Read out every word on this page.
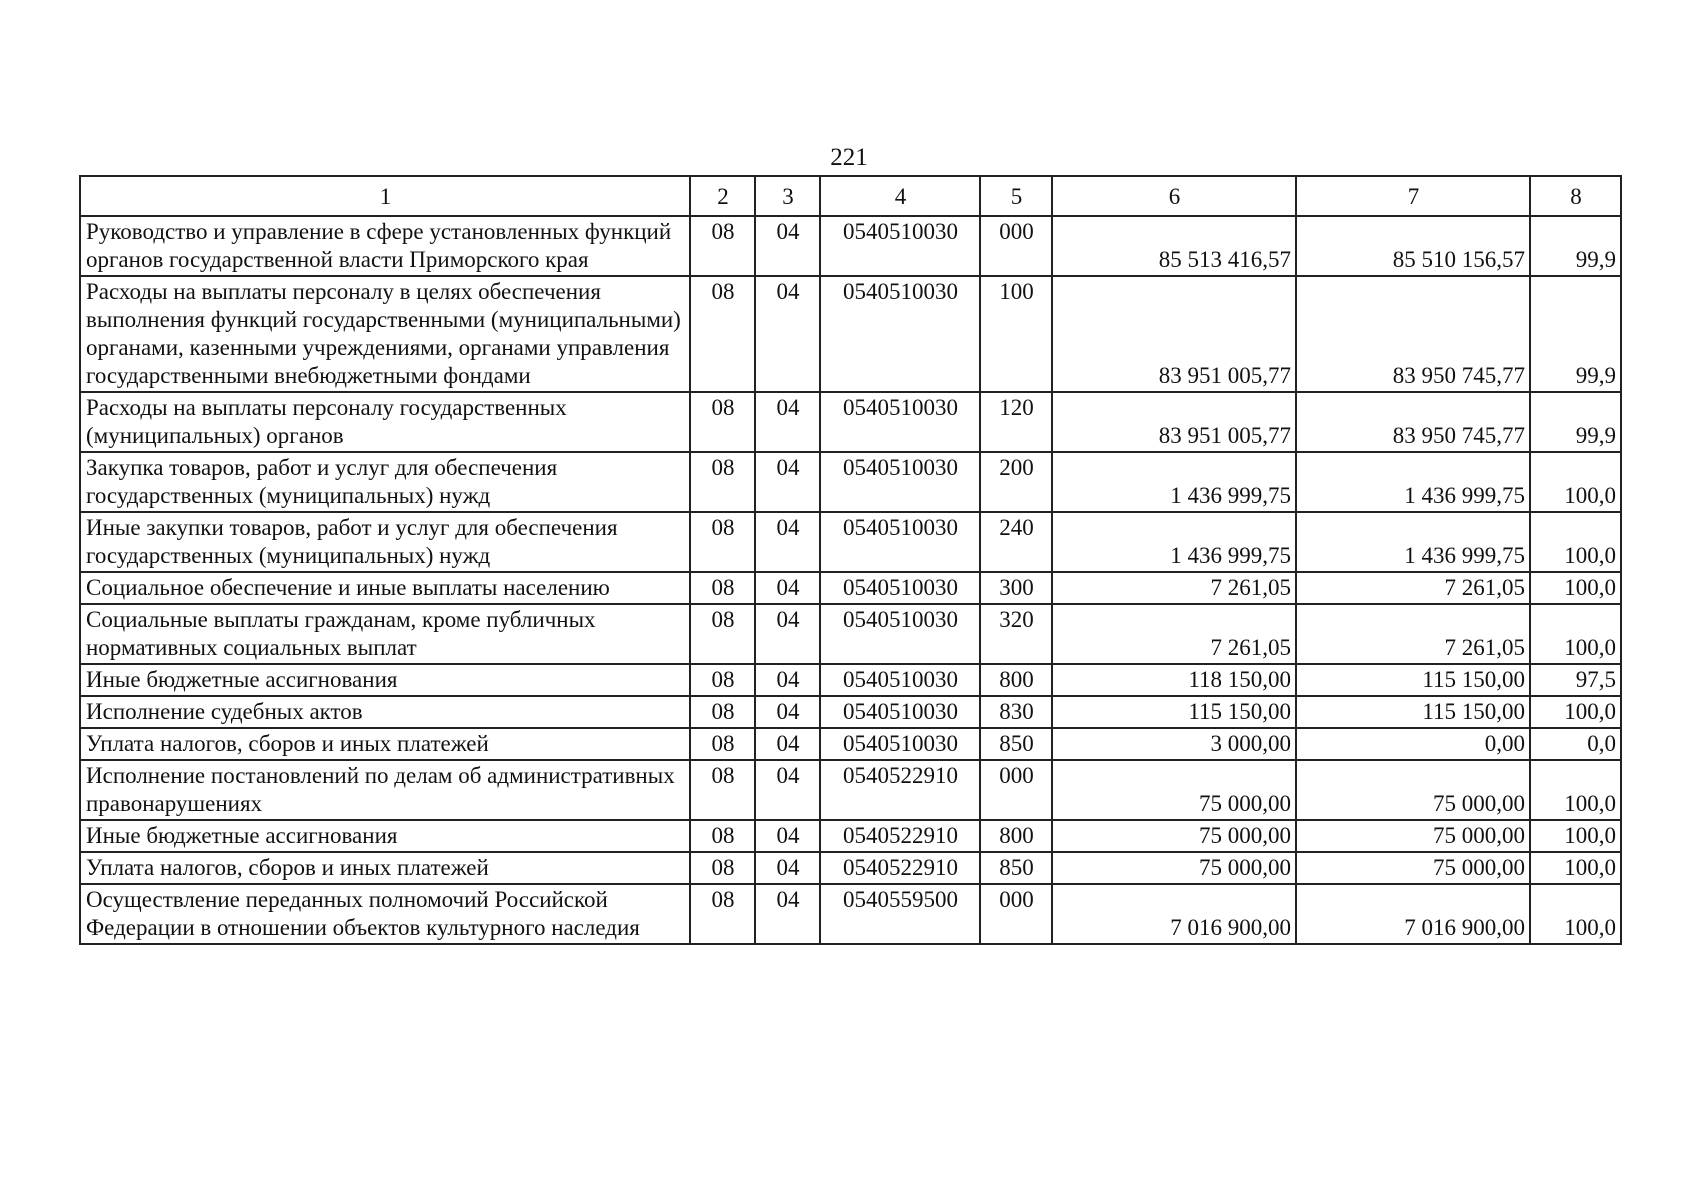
221
1	2	3	4	5	6	7	8
Руководство и управление в сфере установленных функций органов государственной власти Приморского края	08	04	0540510030	000	85 513 416,57	85 510 156,57	99,9
Расходы на выплаты персоналу в целях обеспечения выполнения функций государственными (муниципальными) органами, казенными учреждениями, органами управления государственными внебюджетными фондами	08	04	0540510030	100	83 951 005,77	83 950 745,77	99,9
Расходы на выплаты персоналу государственных (муниципальных) органов	08	04	0540510030	120	83 951 005,77	83 950 745,77	99,9
Закупка товаров, работ и услуг для обеспечения государственных (муниципальных) нужд	08	04	0540510030	200	1 436 999,75	1 436 999,75	100,0
Иные закупки товаров, работ и услуг для обеспечения государственных (муниципальных) нужд	08	04	0540510030	240	1 436 999,75	1 436 999,75	100,0
Социальное обеспечение и иные выплаты населению	08	04	0540510030	300	7 261,05	7 261,05	100,0
Социальные выплаты гражданам, кроме публичных нормативных социальных выплат	08	04	0540510030	320	7 261,05	7 261,05	100,0
Иные бюджетные ассигнования	08	04	0540510030	800	118 150,00	115 150,00	97,5
Исполнение судебных актов	08	04	0540510030	830	115 150,00	115 150,00	100,0
Уплата налогов, сборов и иных платежей	08	04	0540510030	850	3 000,00	0,00	0,0
Исполнение постановлений по делам об административных правонарушениях	08	04	0540522910	000	75 000,00	75 000,00	100,0
Иные бюджетные ассигнования	08	04	0540522910	800	75 000,00	75 000,00	100,0
Уплата налогов, сборов и иных платежей	08	04	0540522910	850	75 000,00	75 000,00	100,0
Осуществление переданных полномочий Российской Федерации в отношении объектов культурного наследия	08	04	0540559500	000	7 016 900,00	7 016 900,00	100,0
